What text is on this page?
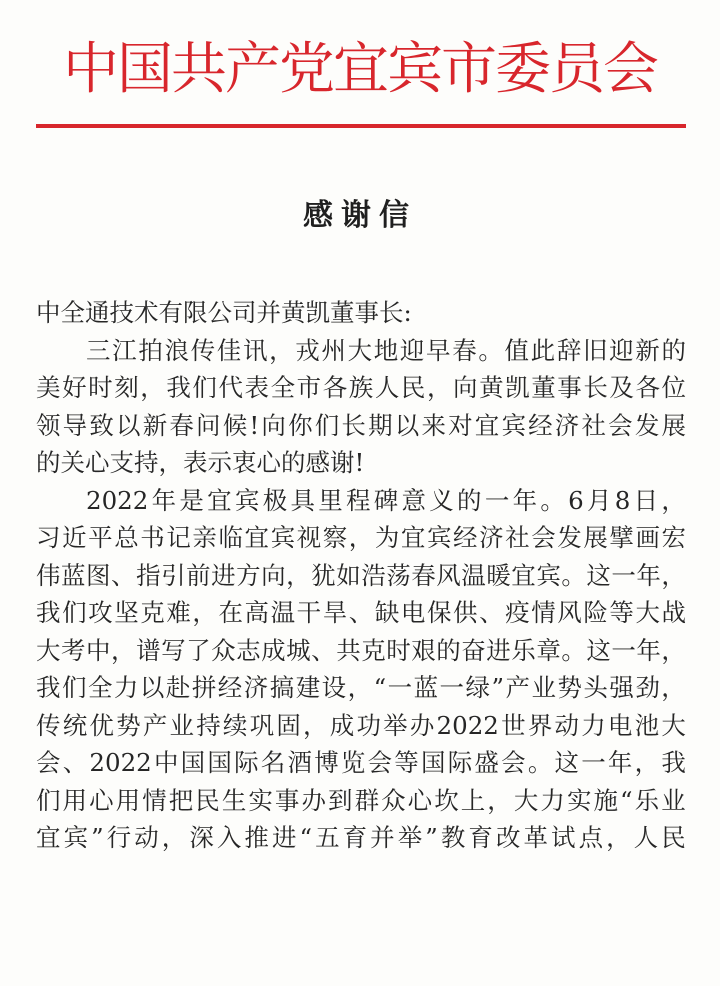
中国共产党宜宾市委员会
感谢信
中全通技术有限公司并黄凯董事长:
三 江 拍 浪 传 佳 讯 ， 戎 州 大 地 迎 早 春 。 值 此 辞 旧 迎 新 的
美 好 时 刻 ， 我 们 代 表 全 市 各 族 人 民 ， 向 黄 凯 董 事 长 及 各 位
领 导 致 以 新 春 问 候 ! 向 你 们 长 期 以 来 对 宜 宾 经 济 社 会 发 展
的关心支持，表示衷心的感谢!
2022 年 是 宜 宾 极 具 里 程 碑 意 义 的 一 年 。 6 月 8 日 ，
习 近 平 总 书 记 亲 临 宜 宾 视 察 ， 为 宜 宾 经 济 社 会 发 展 擘 画 宏
伟 蓝 图 、 指 引 前 进 方 向 ， 犹 如 浩 荡 春 风 温 暖 宜 宾 。 这 一 年 ，
我 们 攻 坚 克 难 ， 在 高 温 干 旱 、 缺 电 保 供 、 疫 情 风 险 等 大 战
大 考 中 ， 谱 写 了 众 志 成 城 、 共 克 时 艰 的 奋 进 乐 章 。 这 一 年 ，
我 们 全 力 以 赴 拼 经 济 搞 建 设 ， “ 一 蓝 一 绿 ” 产 业 势 头 强 劲 ，
传 统 优 势 产 业 持 续 巩 固 ， 成 功 举 办 2022 世 界 动 力 电 池 大
会 、 2022 中 国 国 际 名 酒 博 览 会 等 国 际 盛 会 。 这 一 年 ， 我
们 用 心 用 情 把 民 生 实 事 办 到 群 众 心 坎 上 ， 大 力 实 施 “ 乐 业
宜 宾 ” 行 动 ， 深 入 推 进 “ 五 育 并 举 ” 教 育 改 革 试 点 ， 人 民
